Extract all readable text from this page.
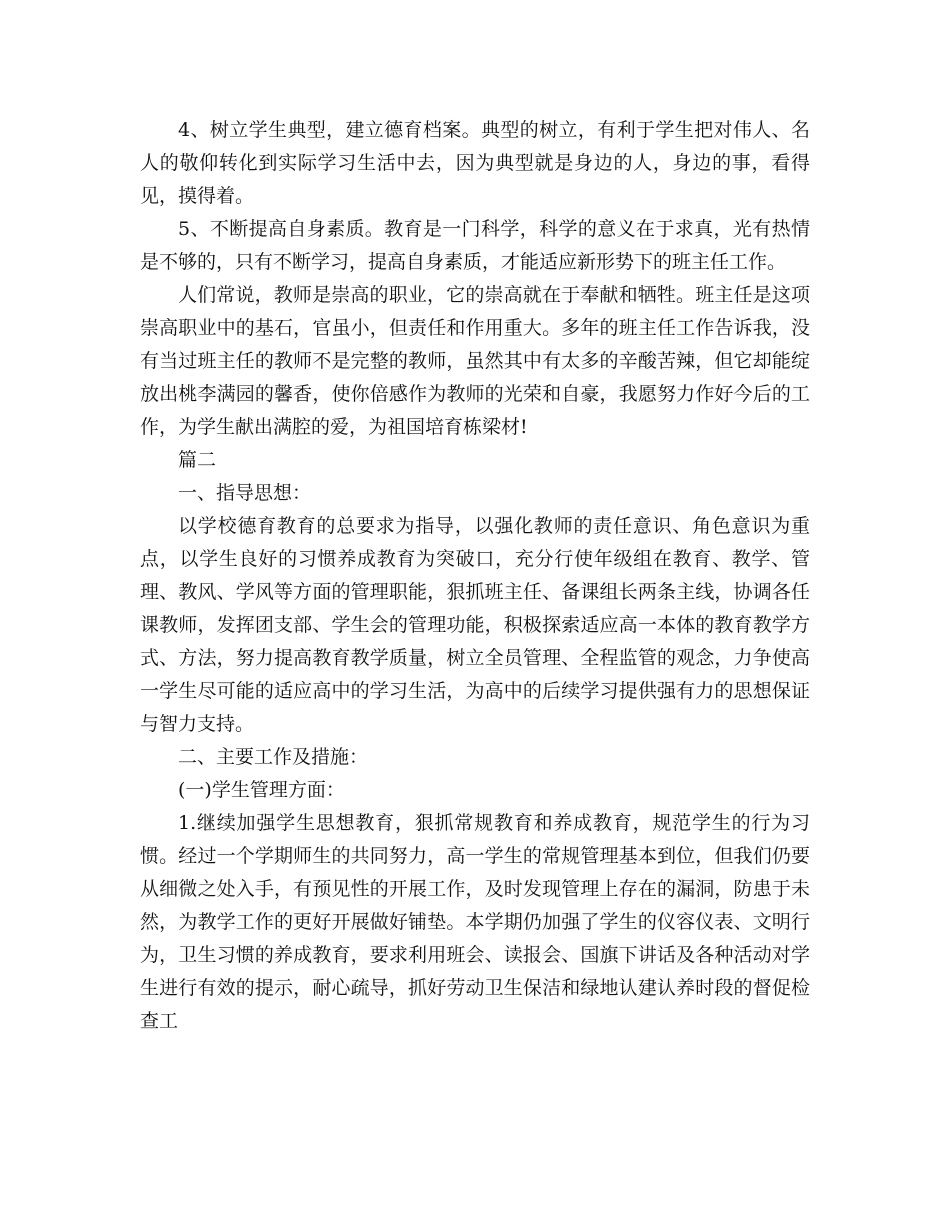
4、树立学生典型，建立德育档案。典型的树立，有利于学生把对伟人、名人的敬仰转化到实际学习生活中去，因为典型就是身边的人，身边的事，看得见，摸得着。

5、不断提高自身素质。教育是一门科学，科学的意义在于求真，光有热情是不够的，只有不断学习，提高自身素质，才能适应新形势下的班主任工作。

人们常说，教师是崇高的职业，它的崇高就在于奉献和牺牲。班主任是这项崇高职业中的基石，官虽小，但责任和作用重大。多年的班主任工作告诉我，没有当过班主任的教师不是完整的教师，虽然其中有太多的辛酸苦辣，但它却能绽放出桃李满园的馨香，使你倍感作为教师的光荣和自豪，我愿努力作好今后的工作，为学生献出满腔的爱，为祖国培育栋梁材!

篇二

一、指导思想：

以学校德育教育的总要求为指导，以强化教师的责任意识、角色意识为重点，以学生良好的习惯养成教育为突破口，充分行使年级组在教育、教学、管理、教风、学风等方面的管理职能，狠抓班主任、备课组长两条主线，协调各任课教师，发挥团支部、学生会的管理功能，积极探索适应高一本体的教育教学方式、方法，努力提高教育教学质量，树立全员管理、全程监管的观念，力争使高一学生尽可能的适应高中的学习生活，为高中的后续学习提供强有力的思想保证与智力支持。

二、主要工作及措施：

(一)学生管理方面：

1.继续加强学生思想教育，狠抓常规教育和养成教育，规范学生的行为习惯。经过一个学期师生的共同努力，高一学生的常规管理基本到位，但我们仍要从细微之处入手，有预见性的开展工作，及时发现管理上存在的漏洞，防患于未然，为教学工作的更好开展做好铺垫。本学期仍加强了学生的仪容仪表、文明行为，卫生习惯的养成教育，要求利用班会、读报会、国旗下讲话及各种活动对学生进行有效的提示，耐心疏导，抓好劳动卫生保洁和绿地认建认养时段的督促检查工
